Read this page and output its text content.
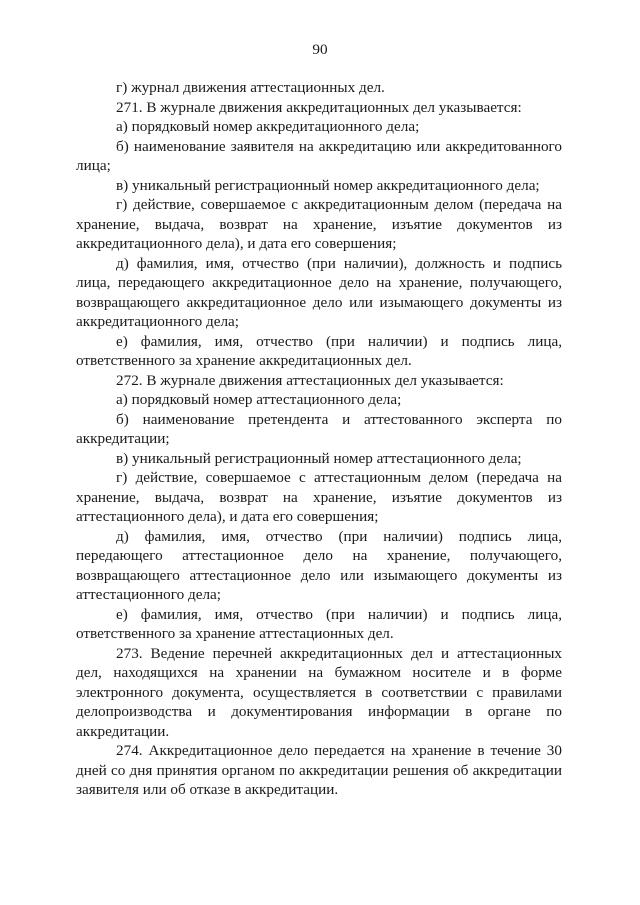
90

г) журнал движения аттестационных дел.

271. В журнале движения аккредитационных дел указывается:

а) порядковый номер аккредитационного дела;

б) наименование заявителя на аккредитацию или аккредитованного лица;

в) уникальный регистрационный номер аккредитационного дела;

г) действие, совершаемое с аккредитационным делом (передача на хранение, выдача, возврат на хранение, изъятие документов из аккредитационного дела), и дата его совершения;

д) фамилия, имя, отчество (при наличии), должность и подпись лица, передающего аккредитационное дело на хранение, получающего, возвращающего аккредитационное дело или изымающего документы из аккредитационного дела;

е) фамилия, имя, отчество (при наличии) и подпись лица, ответственного за хранение аккредитационных дел.

272. В журнале движения аттестационных дел указывается:

а) порядковый номер аттестационного дела;

б) наименование претендента и аттестованного эксперта по аккредитации;

в) уникальный регистрационный номер аттестационного дела;

г) действие, совершаемое с аттестационным делом (передача на хранение, выдача, возврат на хранение, изъятие документов из аттестационного дела), и дата его совершения;

д) фамилия, имя, отчество (при наличии) подпись лица, передающего аттестационное дело на хранение, получающего, возвращающего аттестационное дело или изымающего документы из аттестационного дела;

е) фамилия, имя, отчество (при наличии) и подпись лица, ответственного за хранение аттестационных дел.

273. Ведение перечней аккредитационных дел и аттестационных дел, находящихся на хранении на бумажном носителе и в форме электронного документа, осуществляется в соответствии с правилами делопроизводства и документирования информации в органе по аккредитации.

274. Аккредитационное дело передается на хранение в течение 30 дней со дня принятия органом по аккредитации решения об аккредитации заявителя или об отказе в аккредитации.
